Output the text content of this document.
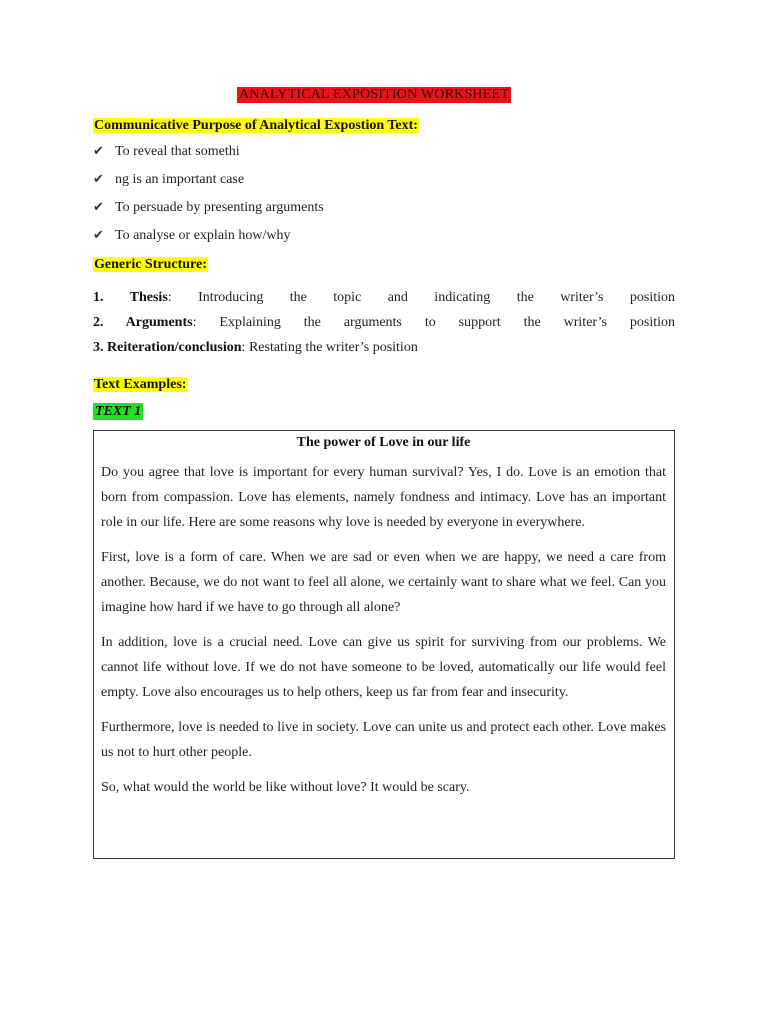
ANALYTICAL EXPOSITION WORKSHEET
Communicative Purpose of Analytical Expostion Text:
✔ To reveal that somethi
✔ ng is an important case
✔ To persuade by presenting arguments
✔ To analyse or explain how/why
Generic Structure:
1. Thesis: Introducing the topic and indicating the writer’s position
2. Arguments: Explaining the arguments to support the writer’s position
3. Reiteration/conclusion: Restating the writer’s position
Text Examples:
TEXT 1
The power of Love in our life

Do you agree that love is important for every human survival? Yes, I do. Love is an emotion that born from compassion. Love has elements, namely fondness and intimacy. Love has an important role in our life. Here are some reasons why love is needed by everyone in everywhere.

First, love is a form of care. When we are sad or even when we are happy, we need a care from another. Because, we do not want to feel all alone, we certainly want to share what we feel. Can you imagine how hard if we have to go through all alone?

In addition, love is a crucial need. Love can give us spirit for surviving from our problems. We cannot life without love. If we do not have someone to be loved, automatically our life would feel empty. Love also encourages us to help others, keep us far from fear and insecurity.

Furthermore, love is needed to live in society. Love can unite us and protect each other. Love makes us not to hurt other people.

So, what would the world be like without love? It would be scary.
